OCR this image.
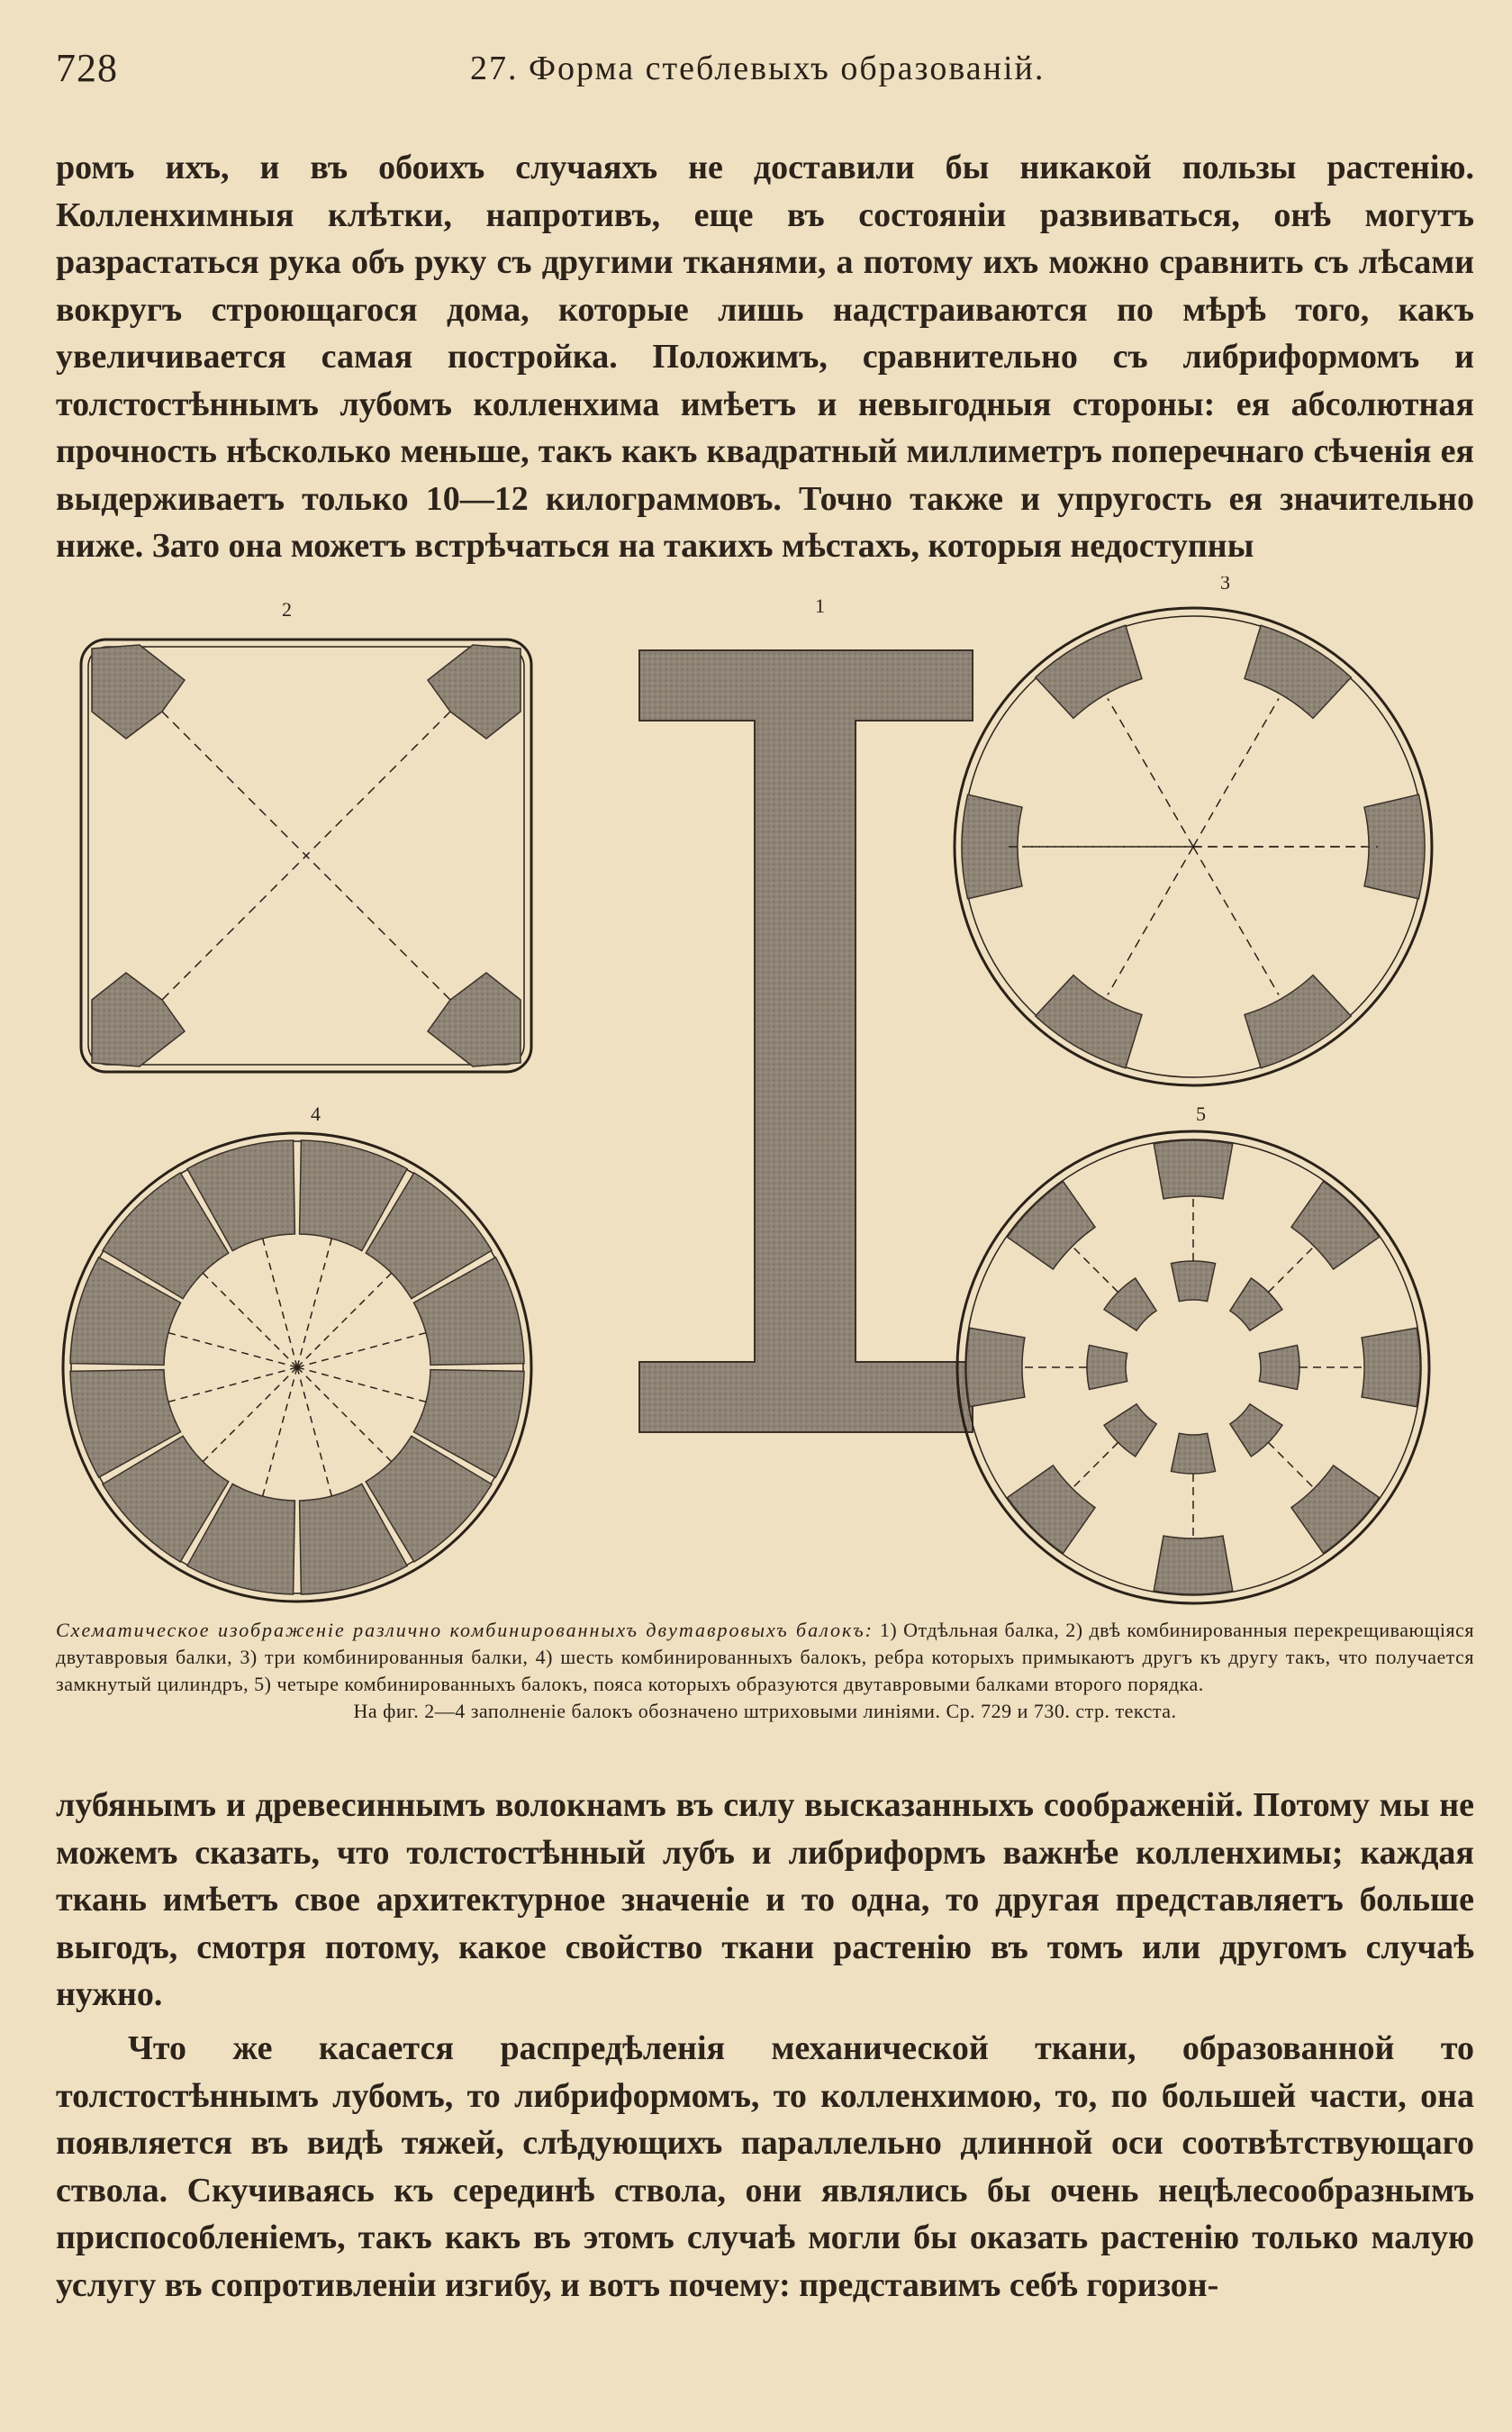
728	27. Форма стеблевыхъ образованій.

ромъ ихъ, и въ обоихъ случаяхъ не доставили бы никакой пользы растенію. Колленхимныя клѣтки, напротивъ, еще въ состояніи развиваться, онѣ могутъ разрастаться рука объ руку съ другими тканями, а потому ихъ можно сравнить съ лѣсами вокругъ строющагося дома, которые лишь надстраиваются по мѣрѣ того, какъ увеличивается самая постройка. Положимъ, сравнительно съ либриформомъ и толстостѣннымъ лубомъ колленхима имѣетъ и невыгодныя стороны: ея абсолютная прочность нѣсколько меньше, такъ какъ квадратный миллиметръ поперечнаго сѣченія ея выдерживаетъ только 10—12 килограммовъ. Точно также и упругость ея значительно ниже. Зато она можетъ встрѣчаться на такихъ мѣстахъ, которыя недоступны

1
2
3
4	5

Схематическое изображеніе различно комбинированныхъ двутавровыхъ балокъ: 1) Отдѣльная балка, 2) двѣ комбинированныя перекрещивающіяся двутавровыя балки, 3) три комбинированныя балки, 4) шесть комбинированныхъ балокъ, ребра которыхъ примыкаютъ другъ къ другу такъ, что получается замкнутый цилиндръ, 5) четыре комбинированныхъ балокъ, пояса которыхъ образуются двутавровыми балками второго порядка.
На фиг. 2—4 заполненіе балокъ обозначено штриховыми линіями. Ср. 729 и 730. стр. текста.

лубянымъ и древесиннымъ волокнамъ въ силу высказанныхъ соображеній. Потому мы не можемъ сказать, что толстостѣнный лубъ и либриформъ важнѣе колленхимы; каждая ткань имѣетъ свое архитектурное значеніе и то одна, то другая представляетъ больше выгодъ, смотря потому, какое свойство ткани растенію въ томъ или другомъ случаѣ нужно.

Что же касается распредѣленія механической ткани, образованной то толстостѣннымъ лубомъ, то либриформомъ, то колленхимою, то, по большей части, она появляется въ видѣ тяжей, слѣдующихъ параллельно длинной оси соотвѣтствующаго ствола. Скучиваясь къ серединѣ ствола, они являлись бы очень нецѣлесообразнымъ приспособленіемъ, такъ какъ въ этомъ случаѣ могли бы оказать растенію только малую услугу въ сопротивленіи изгибу, и вотъ почему: представимъ себѣ горизон-
